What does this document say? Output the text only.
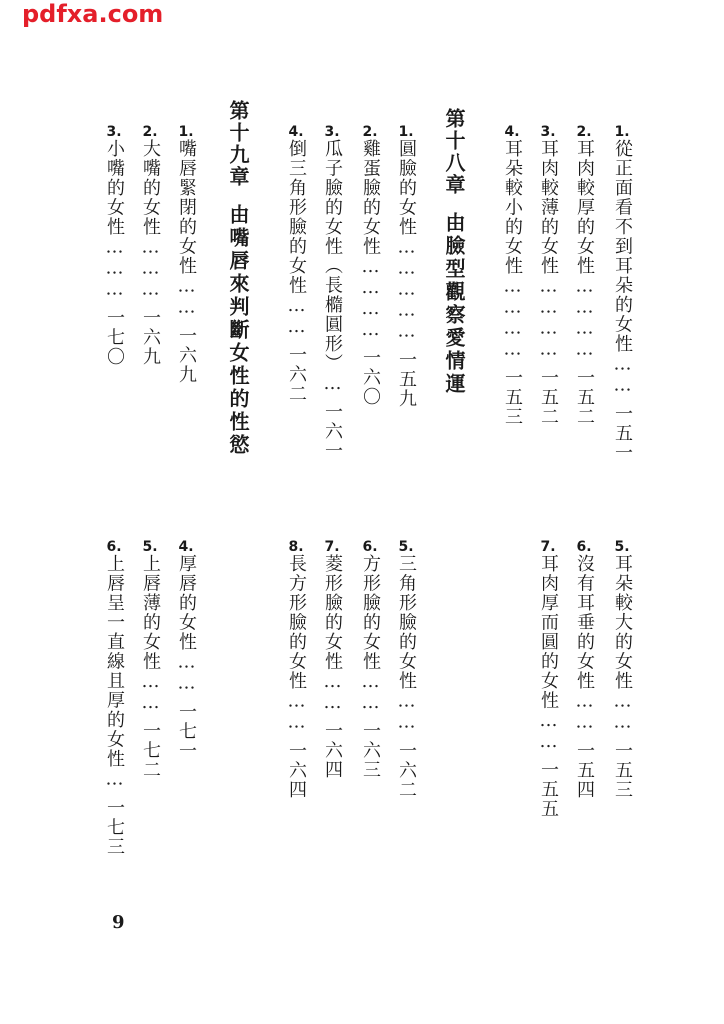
pdfxa.com
1.從正面看不到耳朵的女性……一五一
2.耳肉較厚的女性…………一五二
3.耳肉較薄的女性…………一五二
4.耳朵較小的女性…………一五三
第十八章由臉型觀察愛情運
1.圓臉的女性……………一五九
2.雞蛋臉的女性…………一六〇
3.瓜子臉的女性（長橢圓形）…一六一
4.倒三角形臉的女性……一六二
第十九章由嘴唇來判斷女性的性慾
1.嘴唇緊閉的女性……一六九
2.大嘴的女性………一六九
3.小嘴的女性………一七〇
5.耳朵較大的女性……一五三
6.沒有耳垂的女性……一五四
7.耳肉厚而圓的女性……一五五
5.三角形臉的女性……一六二
6.方形臉的女性……一六三
7.菱形臉的女性……一六四
8.長方形臉的女性……一六四
4.厚唇的女性……一七一
5.上唇薄的女性……一七二
6.上唇呈一直線且厚的女性…一七三
9
